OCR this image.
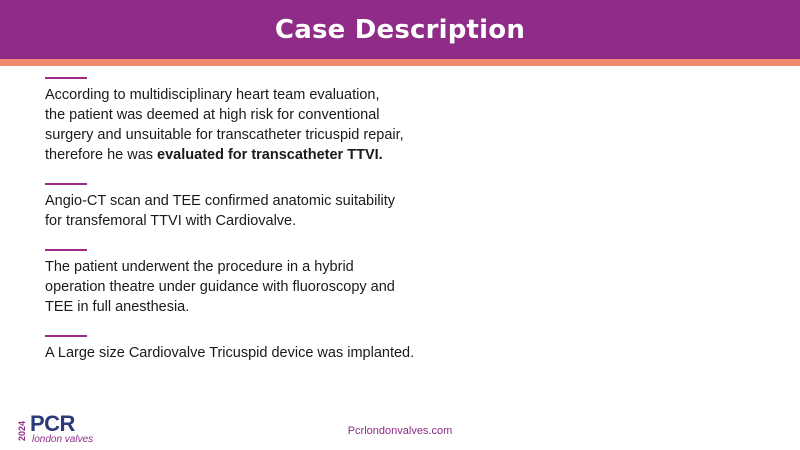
Case Description

According to multidisciplinary heart team evaluation,
the patient was deemed at high risk for conventional
surgery and unsuitable for transcatheter tricuspid repair,
therefore he was evaluated for transcatheter TTVI.

Angio-CT scan and TEE confirmed anatomic suitability
for transfemoral TTVI with Cardiovalve.

The patient underwent the procedure in a hybrid
operation theatre under guidance with fluoroscopy and
TEE in full anesthesia.

A Large size Cardiovalve Tricuspid device was implanted.

2024 PCR
london valves
Pcrlondonvalves.com
